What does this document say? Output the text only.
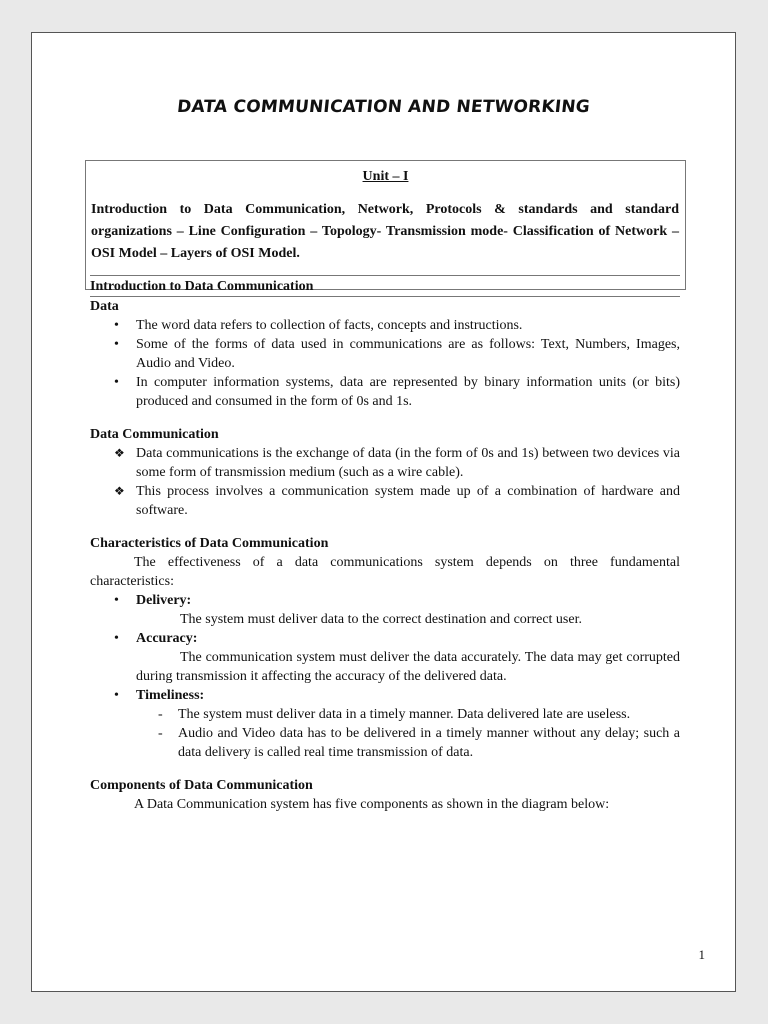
DATA COMMUNICATION AND NETWORKING
Unit – I
Introduction to Data Communication, Network, Protocols & standards and standard organizations – Line Configuration – Topology- Transmission mode- Classification of Network – OSI Model – Layers of OSI Model.
Introduction to Data Communication
Data
• The word data refers to collection of facts, concepts and instructions.
• Some of the forms of data used in communications are as follows: Text, Numbers, Images, Audio and Video.
• In computer information systems, data are represented by binary information units (or bits) produced and consumed in the form of 0s and 1s.
Data Communication
❖ Data communications is the exchange of data (in the form of 0s and 1s) between two devices via some form of transmission medium (such as a wire cable).
❖ This process involves a communication system made up of a combination of hardware and software.
Characteristics of Data Communication
The effectiveness of a data communications system depends on three fundamental characteristics:
• Delivery:
The system must deliver data to the correct destination and correct user.
• Accuracy:
The communication system must deliver the data accurately. The data may get corrupted during transmission it affecting the accuracy of the delivered data.
• Timeliness:
- The system must deliver data in a timely manner. Data delivered late are useless.
- Audio and Video data has to be delivered in a timely manner without any delay; such a data delivery is called real time transmission of data.
Components of Data Communication
A Data Communication system has five components as shown in the diagram below:
1
